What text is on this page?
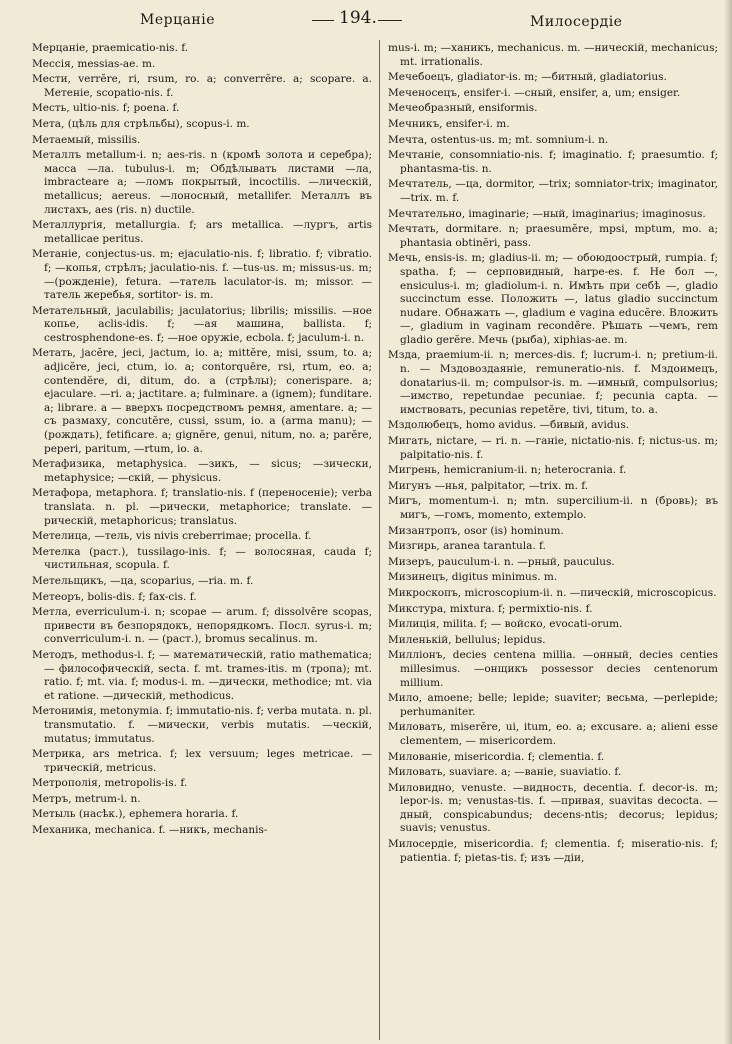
Мерцаніе	194.	Милосердіе

Мерцаніе, praemicatio-nis. f.

Мессія, messias-ae. m.

Мести, verrĕre, ri, rsum, ro. a; converrĕre. a; scopare. a. Метеніе, scopatio-nis. f.

Месть, ultio-nis. f; poena. f.

Мета, (цѣль для стрѣльбы), scopus-i. m.

Метаемый, missilis.

Металлъ metallum-i. n; aes-ris. n (кромѣ золота и серебра); масса —ла. tubulus-i. m; Обдѣлывать листами —ла, imbracteare a; —ломъ покрытый, incoctilis. —лическій, metallicus; aereus. —лоносный, metallifer. Металлъ въ листахъ, aes (ris. n) ductile.

Металлургія, metallurgia. f; ars metallica. —лургъ, artis metallicae peritus.

Метаніе, conjectus-us. m; ejaculatio-nis. f; libratio. f; vibratio. f; —копья, стрѣлъ; jaculatio-nis. f. —tus-us. m; missus-us. m; —(рожденіе), fetura. —татель laculator-is. m; missor. —татель жеребья, sortitor- is. m.

Метательный, jaculabilis; jaculatorius; librilis; missilis. —ное копье, aclis-idis. f; —ая машина, ballista. f; cestrosphendone-es. f; —ное оружіе, ecbola. f; jaculum-i. n.

Метать, jacĕre, jeci, jactum, io. a; mittĕre, misi, ssum, to. a; adjicĕre, jeci, ctum, io. a; contorquēre, rsi, rtum, eo. a; contendĕre, di, ditum, do. a (стрѣлы); conerispare. a; ejaculare. —ri. a; jactitare. a; fulminare. a (ignem); funditare. a; librare. a — вверхъ посредствомъ ремня, amentare. a; — съ размаху, concutĕre, cussi, ssum, io. a (arma manu); — (рождать), fetificare. a; gignĕre, genui, nitum, no. a; parĕre, peperi, paritum, —rtum, io. a.

Метафизика, metaphysica. —зикъ, — sicus; —зически, metaphysice; —скій, — physicus.

Метафора, metaphora. f; translatio-nis. f (переносеніе); verba translata. n. pl. —рически, metaphorice; translate. —рическій, metaphoricus; translatus.

Метелица, —тель, vis nivis creberrimae; procella. f.

Метелка (раст.), tussilago-inis. f; — волосяная, cauda f; чистильная, scopula. f.

Метельщикъ, —ца, scoparius, —ria. m. f.

Метеоръ, bolis-dis. f; fax-cis. f.

Метла, everriculum-i. n; scopae — arum. f; dissolvĕre scopas, привести въ безпорядокъ, непорядкомъ. Посл. syrus-i. m; converriculum-i. n. — (раст.), bromus secalinus. m.

Методъ, methodus-i. f; — математическій, ratio mathematica; — философическій, secta. f. mt. trames-itis. m (тропа); mt. ratio. f; mt. via. f; modus-i. m. —дически, methodice; mt. via et ratione. —дическій, methodicus.

Метонимія, metonymia. f; immutatio-nis. f; verba mutata. n. pl. transmutatio. f. —мически, verbis mutatis. —ческій, mutatus; immutatus.

Метрика, ars metrica. f; lex versuum; leges metricae. —трическій, metricus.

Метрополія, metropolis-is. f.

Метръ, metrum-i. n.

Метыль (насѣк.), ephemera horaria. f.

Механика, mechanica. f. —никъ, mechanis-

mus-i. m; —ханикъ, mechanicus. m. —ническій, mechanicus; mt. irrationalis.

Мечебоецъ, gladiator-is. m; —битный, gladiatorius.

Меченосецъ, ensifer-i. —сный, ensifer, a, um; ensiger.

Мечеобразный, ensiformis.

Мечникъ, ensifer-i. m.

Мечта, ostentus-us. m; mt. somnium-i. n.

Мечтаніе, consomniatio-nis. f; imaginatio. f; praesumtio. f; phantasma-tis. n.

Мечтатель, —ца, dormitor, —trix; somniator-trix; imaginator, —trix. m. f.

Мечтательно, imaginarie; —ный, imaginarius; imaginosus.

Мечтать, dormitare. n; praesumĕre, mpsi, mptum, mo. a; phantasia obtinĕri, pass.

Мечь, ensis-is. m; gladius-ii. m; — обоюдоострый, rumpia. f; spatha. f; — серповидный, harpe-es. f. Не бол —, ensiculus-i. m; gladiolum-i. n. Имѣть при себѣ —, gladio succinctum esse. Положить —, latus gladio succinctum nudare. Обнажать —, gladium e vagina educĕre. Вложить —, gladium in vaginam recondĕre. Рѣшать —чемъ, rem gladio gerĕre. Мечь (рыба), xiphias-ae. m.

Мзда, praemium-ii. n; merces-dis. f; lucrum-i. n; pretium-ii. n. — Мздовоздаяніе, remuneratio-nis. f. Мздоимецъ, donatarius-ii. m; compulsor-is. m. —имный, compulsorius; —имство, repetundae pecuniae. f; pecunia capta. —имствовать, pecunias repetĕre, tivi, titum, to. a.

Мздолюбецъ, homo avidus. —бивый, avidus.

Мигать, nictare, — ri. n. —ганіе, nictatio-nis. f; nictus-us. m; palpitatio-nis. f.

Мигрень, hemicranium-ii. n; heterocrania. f.

Мигунъ —нья, palpitator, —trix. m. f.

Мигъ, momentum-i. n; mtn. supercilium-ii. n (бровь); въ мигъ, —гомъ, momento, extemplo.

Мизантропъ, osor (is) hominum.

Мизгирь, aranea tarantula. f.

Мизеръ, pauculum-i. n. —рный, pauculus.

Мизинецъ, digitus minimus. m.

Микроскопъ, microscopium-ii. n. —пическій, microscopicus.

Микстура, mixtura. f; permixtio-nis. f.

Милиція, milita. f; — войско, evocati-orum.

Миленькій, bellulus; lepidus.

Милліонъ, decies centena millia. —онный, decies centies millesimus. —онщикъ possessor decies centenorum millium.

Мило, amoene; belle; lepide; suaviter; весьма, —perlepide; perhumaniter.

Миловать, miserĕre, ui, itum, eo. a; excusare. a; alieni esse clementem, — misericordem.

Милованіе, misericordia. f; clementia. f.

Миловать, suaviare. a; —ваніе, suaviatio. f.

Миловидно, venuste. —видность, decentia. f. decor-is. m; lepor-is. m; venustas-tis. f. —привая, suavitas decocta. —дный, conspicabundus; decens-ntis; decorus; lepidus; suavis; venustus.

Милосердіе, misericordia. f; clementia. f; miseratio-nis. f; patientia. f; pietas-tis. f; изъ —діи,
